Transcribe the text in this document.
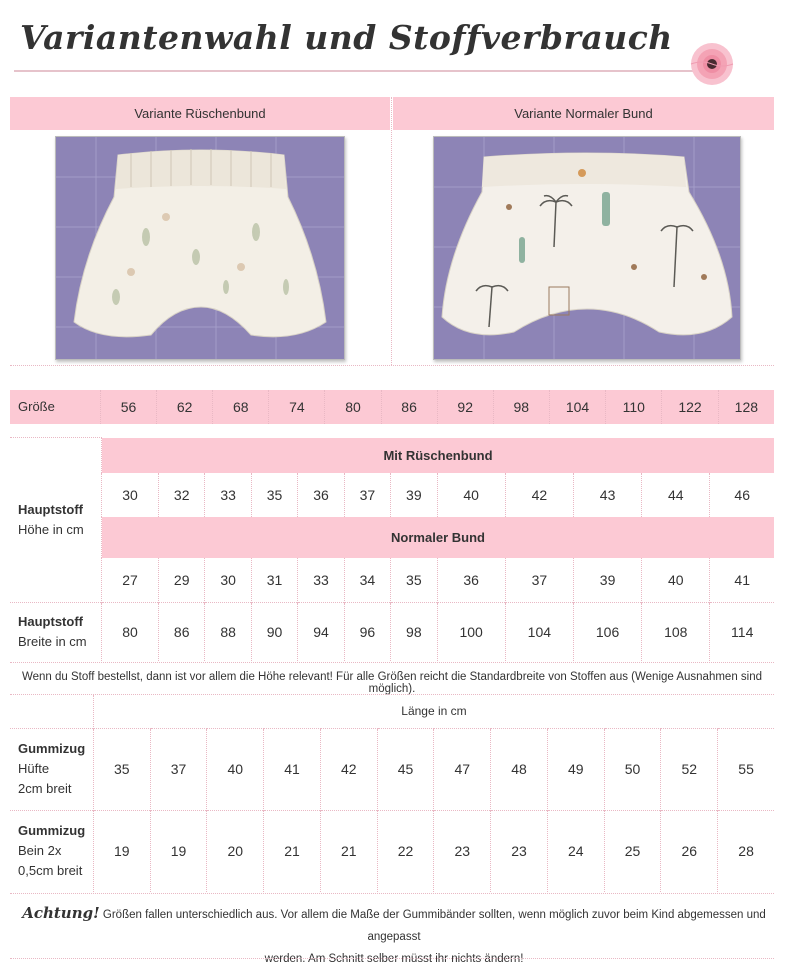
Variantenwahl und Stoffverbrauch
Variante Rüschenbund	Variante Normaler Bund
Größe	56	62	68	74	80	86	92	98	104	110	122	128
Hauptstoff
Höhe in cm	Mit Rüschenbund											
	30	32	33	35	36	37	39	40	42	43	44	46
	Normaler Bund											
	27	29	30	31	33	34	35	36	37	39	40	41
Hauptstoff
Breite in cm	80	86	88	90	94	96	98	100	104	106	108	114
Wenn du Stoff bestellst, dann ist vor allem die Höhe relevant! Für alle Größen reicht die Standardbreite von Stoffen aus (Wenige Ausnahmen sind möglich).
	Länge in cm											
Gummizug
Hüfte
2cm breit	35	37	40	41	42	45	47	48	49	50	52	55
Gummizug
Bein 2x
0,5cm breit	19	19	20	21	21	22	23	23	24	25	26	28
Achtung! Größen fallen unterschiedlich aus. Vor allem die Maße der Gummibänder sollten, wenn möglich zuvor beim Kind abgemessen und angepasst
werden. Am Schnitt selber müsst ihr nichts ändern!
